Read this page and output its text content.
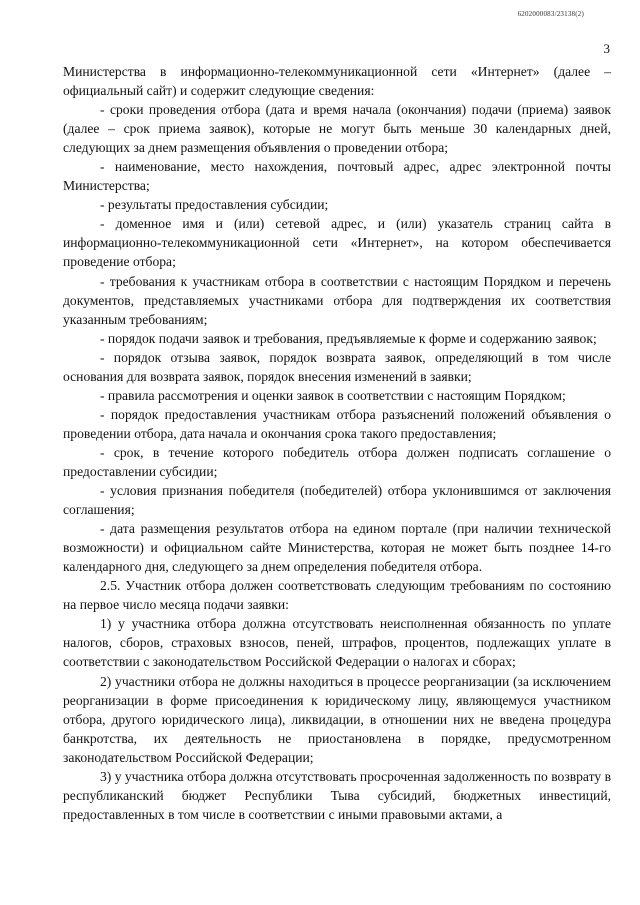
6202000083/23138(2)
3

Министерства в информационно-телекоммуникационной сети «Интернет» (далее – официальный сайт) и содержит следующие сведения:

- сроки проведения отбора (дата и время начала (окончания) подачи (приема) заявок (далее – срок приема заявок), которые не могут быть меньше 30 календарных дней, следующих за днем размещения объявления о проведении отбора;

- наименование, место нахождения, почтовый адрес, адрес электронной почты Министерства;

- результаты предоставления субсидии;

- доменное имя и (или) сетевой адрес, и (или) указатель страниц сайта в информационно-телекоммуникационной сети «Интернет», на котором обеспечивается проведение отбора;

- требования к участникам отбора в соответствии с настоящим Порядком и перечень документов, представляемых участниками отбора для подтверждения их соответствия указанным требованиям;

- порядок подачи заявок и требования, предъявляемые к форме и содержанию заявок;

- порядок отзыва заявок, порядок возврата заявок, определяющий в том числе основания для возврата заявок, порядок внесения изменений в заявки;

- правила рассмотрения и оценки заявок в соответствии с настоящим Порядком;

- порядок предоставления участникам отбора разъяснений положений объявления о проведении отбора, дата начала и окончания срока такого предоставления;

- срок, в течение которого победитель отбора должен подписать соглашение о предоставлении субсидии;

- условия признания победителя (победителей) отбора уклонившимся от заключения соглашения;

- дата размещения результатов отбора на едином портале (при наличии технической возможности) и официальном сайте Министерства, которая не может быть позднее 14-го календарного дня, следующего за днем определения победителя отбора.

2.5. Участник отбора должен соответствовать следующим требованиям по состоянию на первое число месяца подачи заявки:

1) у участника отбора должна отсутствовать неисполненная обязанность по уплате налогов, сборов, страховых взносов, пеней, штрафов, процентов, подлежащих уплате в соответствии с законодательством Российской Федерации о налогах и сборах;

2) участники отбора не должны находиться в процессе реорганизации (за исключением реорганизации в форме присоединения к юридическому лицу, являющемуся участником отбора, другого юридического лица), ликвидации, в отношении них не введена процедура банкротства, их деятельность не приостановлена в порядке, предусмотренном законодательством Российской Федерации;

3) у участника отбора должна отсутствовать просроченная задолженность по возврату в республиканский бюджет Республики Тыва субсидий, бюджетных инвестиций, предоставленных в том числе в соответствии с иными правовыми актами, а
